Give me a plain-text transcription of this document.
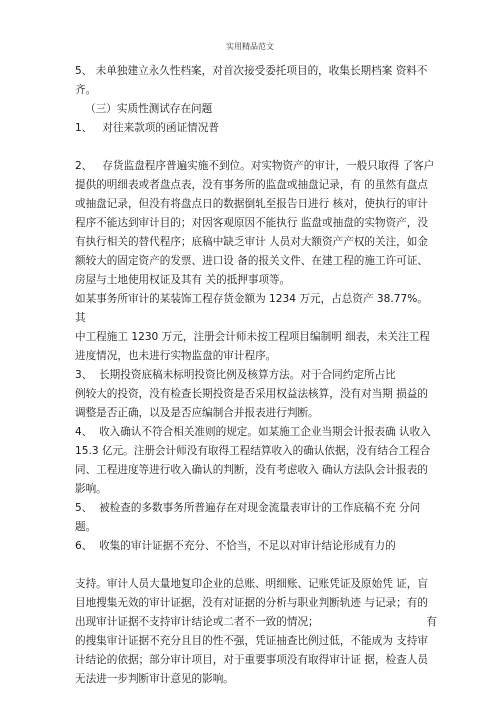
实用精品范文

5、 未单独建立永久性档案，对首次接受委托项目的，收集长期档案 资料不

齐。

（三）实质性测试存在问题

1、   对往来款项的函证情况普

2、   存货监盘程序普遍实施不到位。对实物资产的审计，一般只取得 了客户

提供的明细表或者盘点表，没有事务所的监盘或抽盘记录，有 的虽然有盘点

或抽盘记录，但没有将盘点日的数据倒轧至报告日进行 核对，使执行的审计

程序不能达到审计目的；对因客观原因不能执行 监盘或抽盘的实物资产，没

有执行相关的替代程序；底稿中缺乏审计 人员对大额资产产权的关注，如金

额较大的固定资产的发票、进口设 备的报关文件、在建工程的施工许可证、

房屋与土地使用权证及其有 关的抵押事项等。

如某事务所审计的某装饰工程存货金额为 1234 万元，占总资产 38.77%。其

中工程施工 1230 万元，注册会计师未按工程项目编制明 细表，未关注工程

进度情况，也未进行实物监盘的审计程序。

3、  长期投资底稿未标明投资比例及核算方法。对于合同约定所占比

例较大的投资，没有检查长期投资是否采用权益法核算，没有对当期 损益的

调整是否正确，以及是否应编制合并报表进行判断。

4、  收入确认不符合相关准则的规定。如某施工企业当期会计报表确 认收入

15.3 亿元。注册会计师没有取得工程结算收入的确认依据，没有结合工程合

同、工程进度等进行收入确认的判断，没有考虑收入 确认方法队会计报表的

影响。

5、  被检查的多数事务所普遍存在对现金流量表审计的工作底稿不充 分问题。

6、  收集的审计证据不充分、不恰当，不足以对审计结论形成有力的

支持。审计人员大量地复印企业的总账、明细账、记账凭证及原始凭 证，盲

目地搜集无效的审计证据，没有对证据的分析与职业判断轨迹 与记录；有的

出现审计证据不支持审计结论或二者不一致的情况；                                有

的搜集审计证据不充分且目的性不强，凭证抽查比例过低，不能成为 支持审

计结论的依据；部分审计项目，对于重要事项没有取得审计证 据，检查人员

无法进一步判断审计意见的影响。
